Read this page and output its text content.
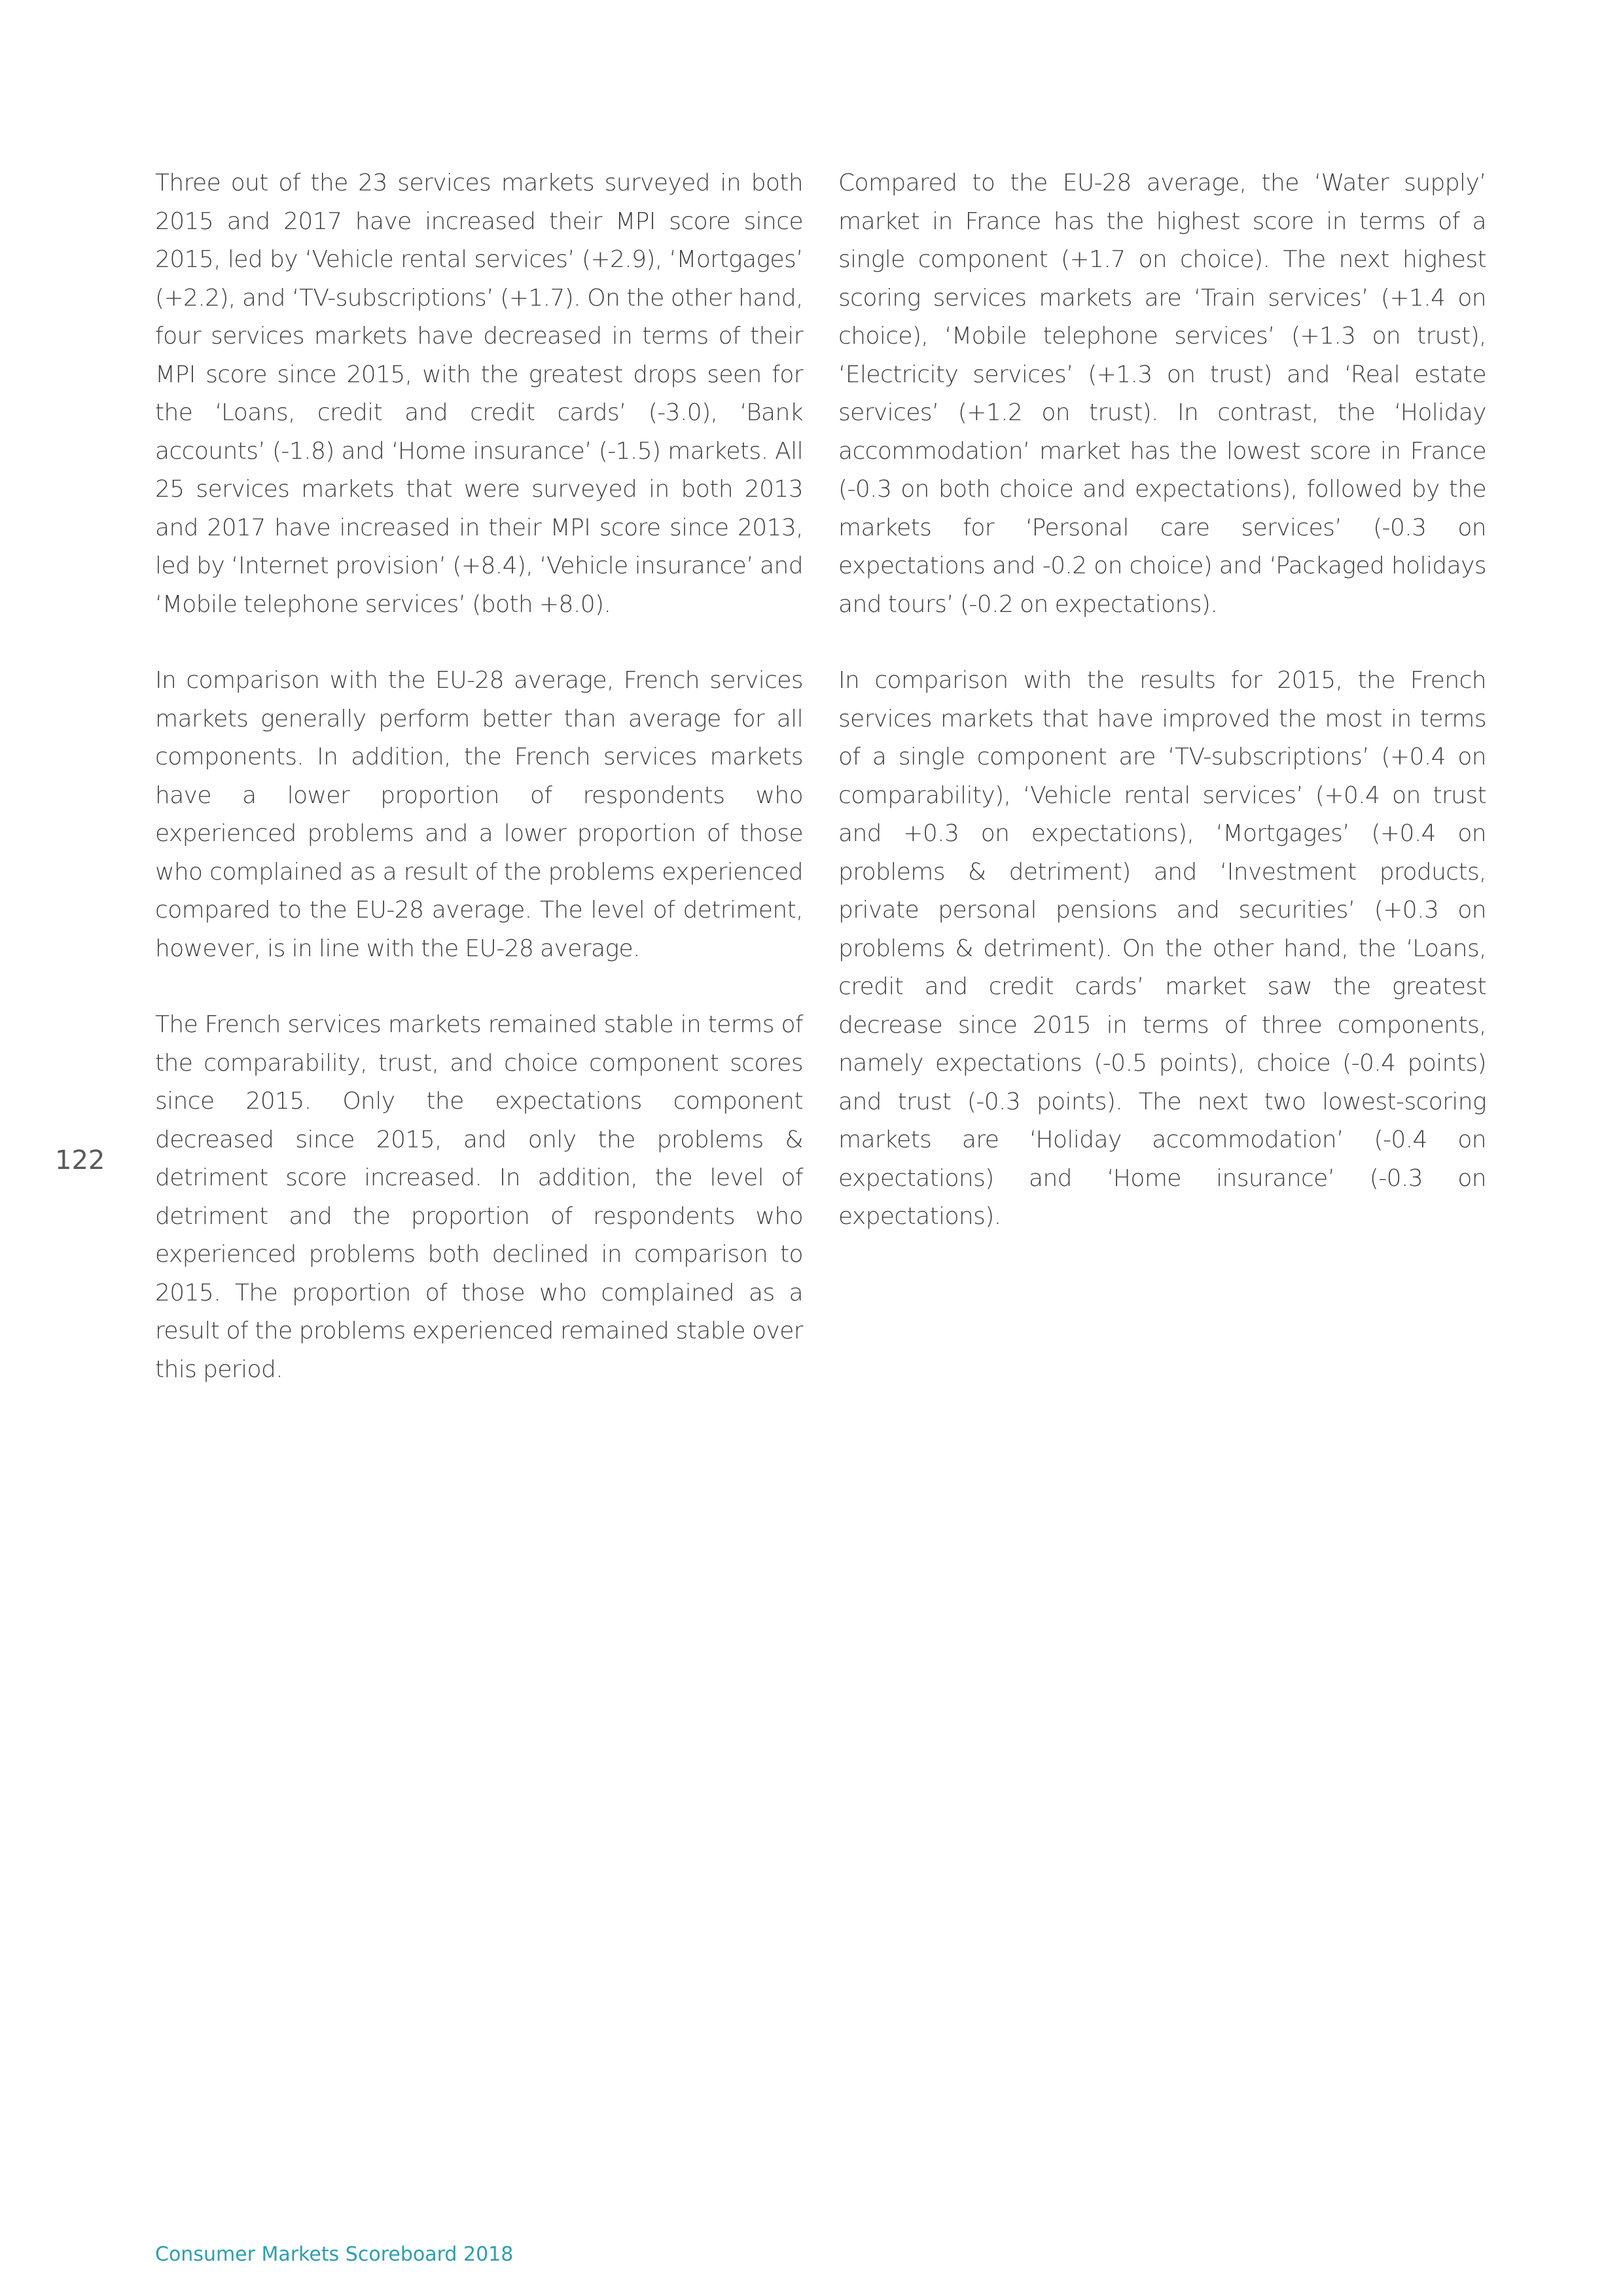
Three out of the 23 services markets surveyed in both 2015 and 2017 have increased their MPI score since 2015, led by ‘Vehicle rental services’ (+2.9), ‘Mortgages’ (+2.2), and ‘TV-subscriptions’ (+1.7). On the other hand, four services markets have decreased in terms of their MPI score since 2015, with the greatest drops seen for the ‘Loans, credit and credit cards’ (-3.0), ‘Bank accounts’ (-1.8) and ‘Home insurance’ (-1.5) markets. All 25 services markets that were surveyed in both 2013 and 2017 have increased in their MPI score since 2013, led by ‘Internet provision’ (+8.4), ‘Vehicle insurance’ and ‘Mobile telephone services’ (both +8.0).

In comparison with the EU-28 average, French services markets generally perform better than average for all components. In addition, the French services markets have a lower proportion of respondents who experienced problems and a lower proportion of those who complained as a result of the problems experienced compared to the EU-28 average. The level of detriment, however, is in line with the EU-28 average.

The French services markets remained stable in terms of the comparability, trust, and choice component scores since 2015. Only the expectations component decreased since 2015, and only the problems & detriment score increased. In addition, the level of detriment and the proportion of respondents who experienced problems both declined in comparison to 2015. The proportion of those who complained as a result of the problems experienced remained stable over this period.

Compared to the EU-28 average, the ‘Water supply’ market in France has the highest score in terms of a single component (+1.7 on choice). The next highest scoring services markets are ‘Train services’ (+1.4 on choice), ‘Mobile telephone services’ (+1.3 on trust), ‘Electricity services’ (+1.3 on trust) and ‘Real estate services’ (+1.2 on trust). In contrast, the ‘Holiday accommodation’ market has the lowest score in France (-0.3 on both choice and expectations), followed by the markets for ‘Personal care services’ (-0.3 on expectations and -0.2 on choice) and ‘Packaged holidays and tours’ (-0.2 on expectations).

In comparison with the results for 2015, the French services markets that have improved the most in terms of a single component are ‘TV-subscriptions’ (+0.4 on comparability), ‘Vehicle rental services’ (+0.4 on trust and +0.3 on expectations), ‘Mortgages’ (+0.4 on problems & detriment) and ‘Investment products, private personal pensions and securities’ (+0.3 on problems & detriment). On the other hand, the ‘Loans, credit and credit cards’ market saw the greatest decrease since 2015 in terms of three components, namely expectations (-0.5 points), choice (-0.4 points) and trust (-0.3 points). The next two lowest-scoring markets are ‘Holiday accommodation’ (-0.4 on expectations) and ‘Home insurance’ (-0.3 on expectations).

122
Consumer Markets Scoreboard 2018
